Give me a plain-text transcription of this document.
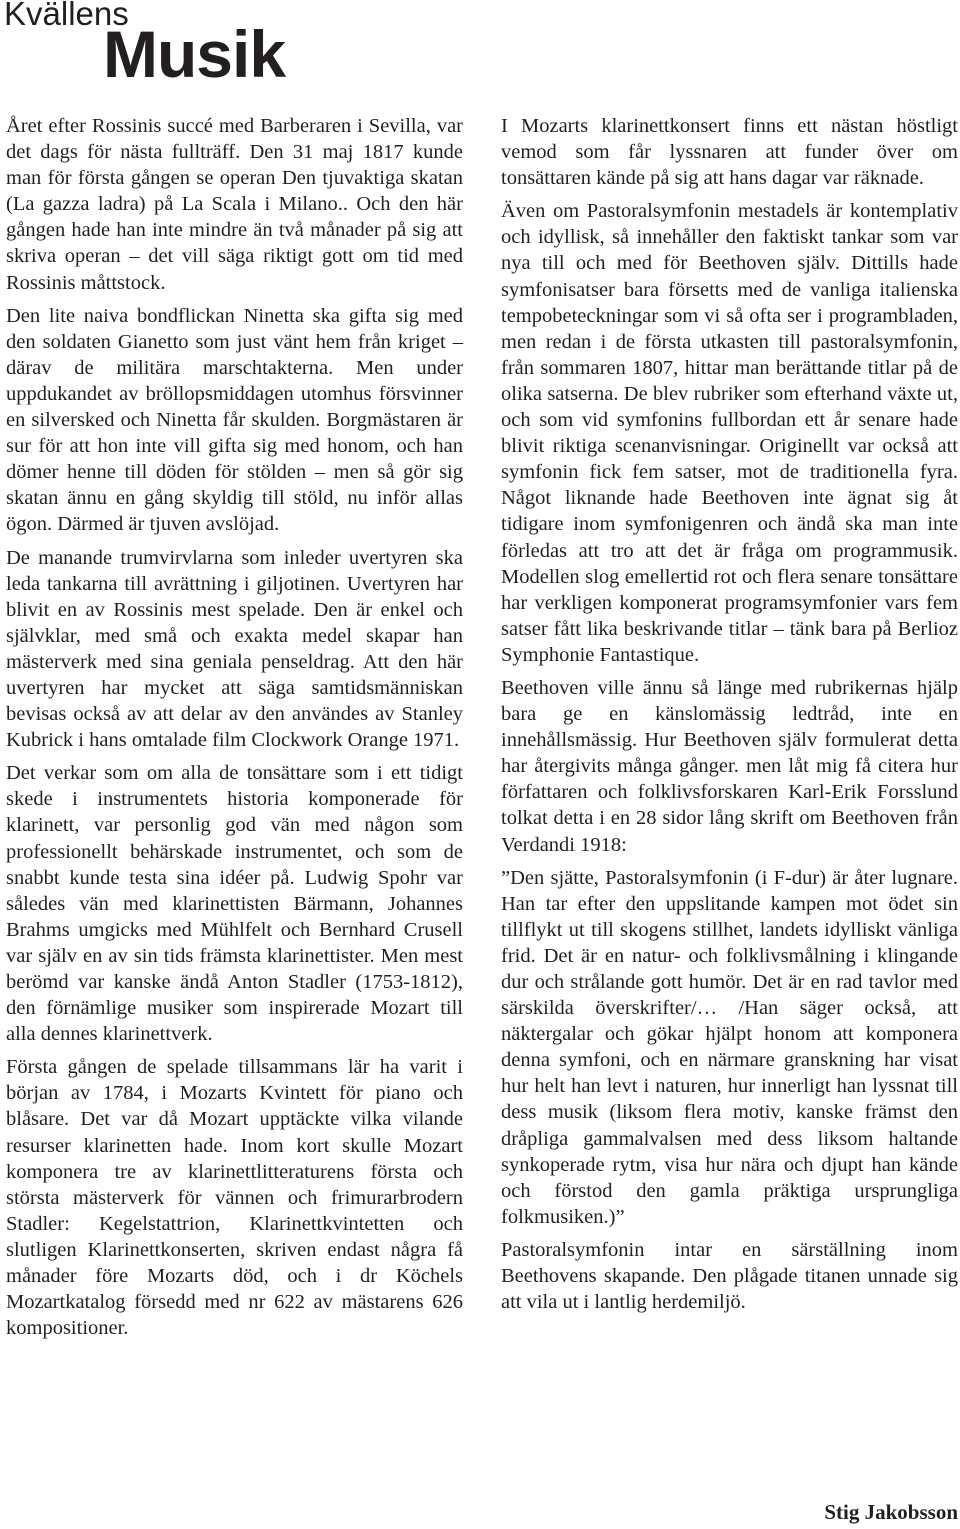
Kvällens
Musik

Året efter Rossinis succé med Barberaren i Sevilla, var det dags för nästa fullträff. Den 31 maj 1817 kunde man för första gången se operan Den tjuvaktiga skatan (La gazza ladra) på La Scala i Milano.. Och den här gången hade han inte mindre än två månader på sig att skriva operan – det vill säga riktigt gott om tid med Rossinis måttstock.

Den lite naiva bondflickan Ninetta ska gifta sig med den soldaten Gianetto som just vänt hem från kriget – därav de militära marschtakterna. Men under uppdukandet av bröllopsmiddagen utomhus försvinner en silversked och Ninetta får skulden. Borgmästaren är sur för att hon inte vill gifta sig med honom, och han dömer henne till döden för stölden – men så gör sig skatan ännu en gång skyldig till stöld, nu inför allas ögon. Därmed är tjuven avslöjad.

De manande trumvirvlarna som inleder uvertyren ska leda tankarna till avrättning i giljotinen. Uvertyren har blivit en av Rossinis mest spelade. Den är enkel och självklar, med små och exakta medel skapar han mästerverk med sina geniala penseldrag. Att den här uvertyren har mycket att säga samtidsmänniskan bevisas också av att delar av den användes av Stanley Kubrick i hans omtalade film Clockwork Orange 1971.

Det verkar som om alla de tonsättare som i ett tidigt skede i instrumentets historia komponerade för klarinett, var personlig god vän med någon som professionellt behärskade instrumentet, och som de snabbt kunde testa sina idéer på. Ludwig Spohr var således vän med klarinettisten Bärmann, Johannes Brahms umgicks med Mühlfelt och Bernhard Crusell var själv en av sin tids främsta klarinettister. Men mest berömd var kanske ändå Anton Stadler (1753-1812), den förnämlige musiker som inspirerade Mozart till alla dennes klarinettverk.

Första gången de spelade tillsammans lär ha varit i början av 1784, i Mozarts Kvintett för piano och blåsare. Det var då Mozart upptäckte vilka vilande resurser klarinetten hade. Inom kort skulle Mozart komponera tre av klarinettlitteraturens första och största mästerverk för vännen och frimurarbrodern Stadler: Kegelstattrion, Klarinettkvintetten och slutligen Klarinettkonserten, skriven endast några få månader före Mozarts död, och i dr Köchels Mozartkatalog försedd med nr 622 av mästarens 626 kompositioner.

I Mozarts klarinettkonsert finns ett nästan höstligt vemod som får lyssnaren att funder över om tonsättaren kände på sig att hans dagar var räknade.

Även om Pastoralsymfonin mestadels är kontemplativ och idyllisk, så innehåller den faktiskt tankar som var nya till och med för Beethoven själv. Dittills hade symfonisatser bara försetts med de vanliga italienska tempobeteckningar som vi så ofta ser i programbladen, men redan i de första utkasten till pastoralsymfonin, från sommaren 1807, hittar man berättande titlar på de olika satserna. De blev rubriker som efterhand växte ut, och som vid symfonins fullbordan ett år senare hade blivit riktiga scenanvisningar. Originellt var också att symfonin fick fem satser, mot de traditionella fyra. Något liknande hade Beethoven inte ägnat sig åt tidigare inom symfonigenren och ändå ska man inte förledas att tro att det är fråga om programmusik. Modellen slog emellertid rot och flera senare tonsättare har verkligen komponerat programsymfonier vars fem satser fått lika beskrivande titlar – tänk bara på Berlioz Symphonie Fantastique.

Beethoven ville ännu så länge med rubrikernas hjälp bara ge en känslomässig ledtråd, inte en innehållsmässig. Hur Beethoven själv formulerat detta har återgivits många gånger. men låt mig få citera hur författaren och folklivsforskaren Karl-Erik Forsslund tolkat detta i en 28 sidor lång skrift om Beethoven från Verdandi 1918:

”Den sjätte, Pastoralsymfonin (i F-dur) är åter lugnare. Han tar efter den uppslitande kampen mot ödet sin tillflykt ut till skogens stillhet, landets idylliskt vänliga frid. Det är en natur- och folklivsmålning i klingande dur och strålande gott humör. Det är en rad tavlor med särskilda överskrifter/… /Han säger också, att näktergalar och gökar hjälpt honom att komponera denna symfoni, och en närmare granskning har visat hur helt han levt i naturen, hur innerligt han lyssnat till dess musik (liksom flera motiv, kanske främst den dråpliga gammalvalsen med dess liksom haltande synkoperade rytm, visa hur nära och djupt han kände och förstod den gamla präktiga ursprungliga folkmusiken.)”

Pastoralsymfonin intar en särställning inom Beethovens skapande. Den plågade titanen unnade sig att vila ut i lantlig herdemiljö.

Stig Jakobsson
